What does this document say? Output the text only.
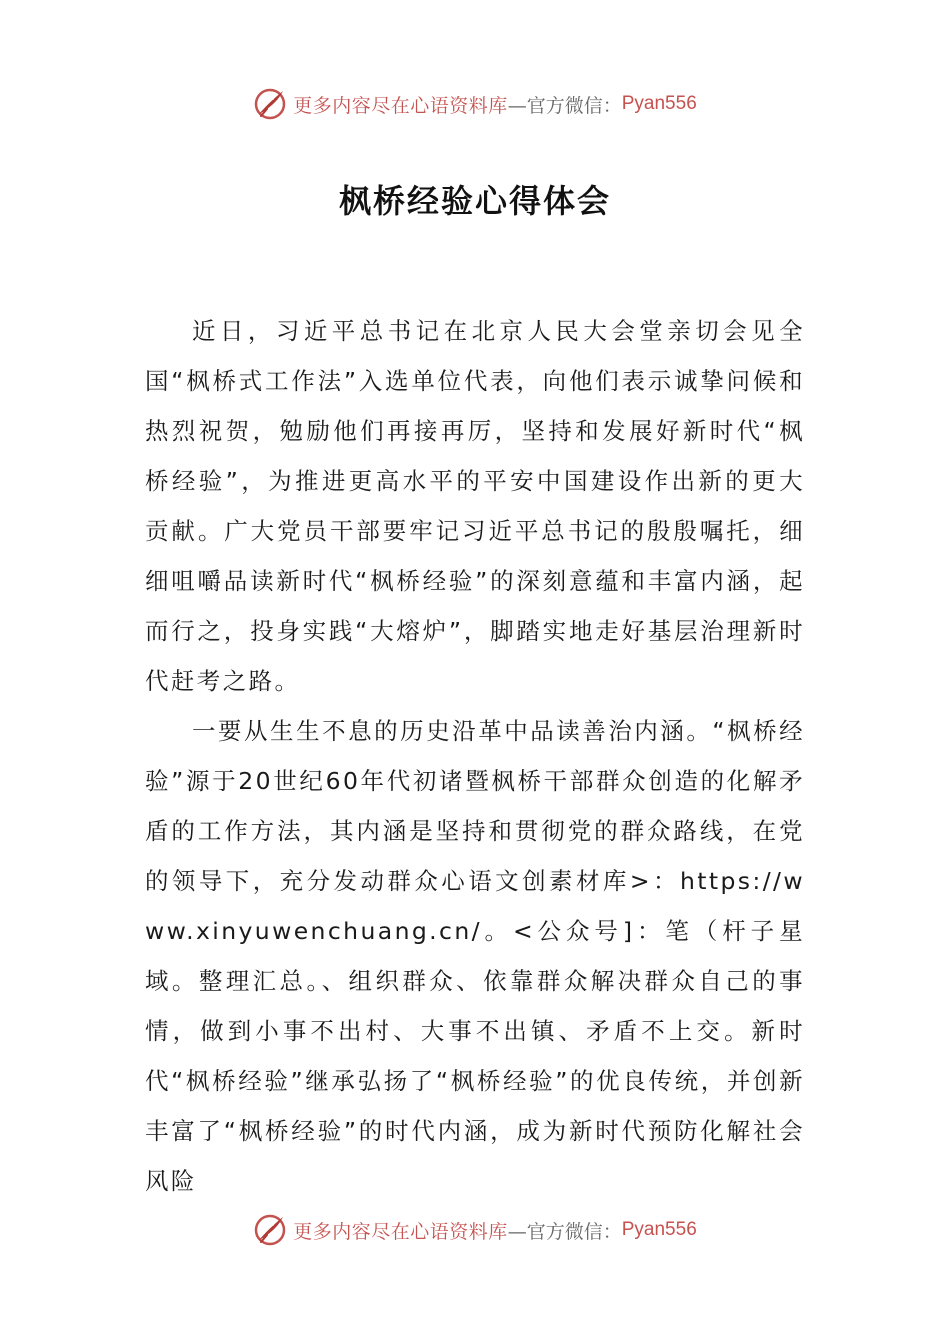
更多内容尽在心语资料库 —官方微信： Pyan556
枫桥经验心得体会

近日，习近平总书记在北京人民大会堂亲切会见全国“枫桥式工作法”入选单位代表，向他们表示诚挚问候和热烈祝贺，勉励他们再接再厉，坚持和发展好新时代“枫桥经验”，为推进更高水平的平安中国建设作出新的更大贡献。广大党员干部要牢记习近平总书记的殷殷嘱托，细细咀嚼品读新时代“枫桥经验”的深刻意蕴和丰富内涵，起而行之，投身实践“大熔炉”，脚踏实地走好基层治理新时代赶考之路。

一要从生生不息的历史沿革中品读善治内涵。“枫桥经验”源于20世纪60年代初诸暨枫桥干部群众创造的化解矛盾的工作方法，其内涵是坚持和贯彻党的群众路线，在党的领导下，充分发动群众心语文创素材库>：https://www.xinyuwenchuang.cn/。<公众号]：笔（杆子星域。整理汇总。、组织群众、依靠群众解决群众自己的事情，做到小事不出村、大事不出镇、矛盾不上交。新时代“枫桥经验”继承弘扬了“枫桥经验”的优良传统，并创新丰富了“枫桥经验”的时代内涵，成为新时代预防化解社会风险

更多内容尽在心语资料库 —官方微信： Pyan556
